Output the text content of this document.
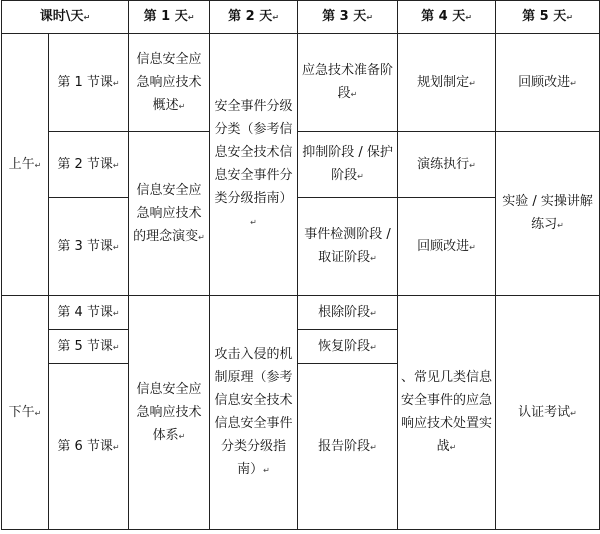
课时\天↵		第 1 天↵	第 2 天↵	第 3 天↵	第 4 天↵	第 5 天↵
上午↵	第 1 节课↵	信息安全应急响应技术概述↵	安全事件分级分类（参考信息安全技术信息安全事件分类分级指南）↵	应急技术准备阶段↵	规划制定↵	回顾改进↵
	第 2 节课↵	信息安全应急响应技术的理念演变↵		抑制阶段 / 保护阶段↵	演练执行↵	实验 / 实操讲解练习↵
	第 3 节课↵			事件检测阶段 / 取证阶段↵	回顾改进↵	
下午↵	第 4 节课↵	信息安全应急响应技术体系↵	攻击入侵的机制原理（参考信息安全技术信息安全事件分类分级指南）↵	根除阶段↵	、常见几类信息安全事件的应急响应技术处置实战↵	认证考试↵
	第 5 节课↵			恢复阶段↵		
	第 6 节课↵			报告阶段↵		
